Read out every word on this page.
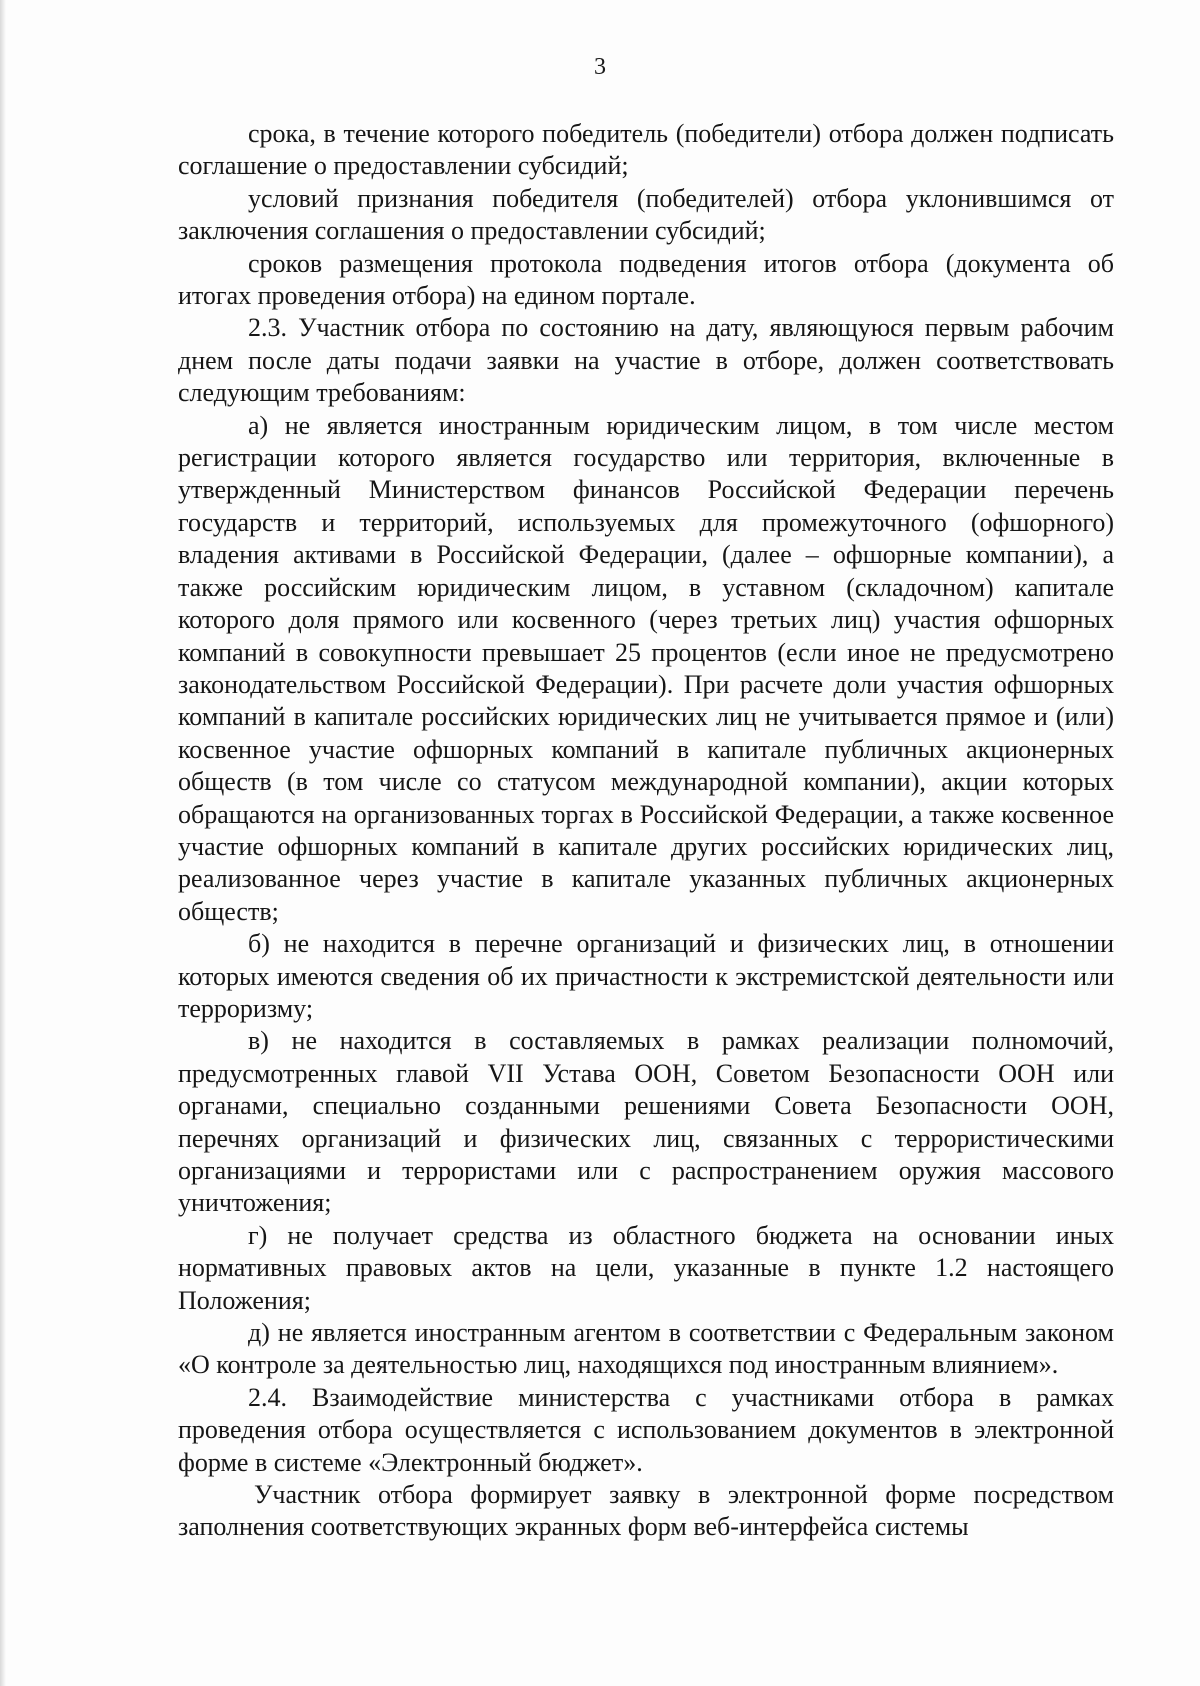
3

срока, в течение которого победитель (победители) отбора должен подписать соглашение о предоставлении субсидий;

условий признания победителя (победителей) отбора уклонившимся от заключения соглашения о предоставлении субсидий;

сроков размещения протокола подведения итогов отбора (документа об итогах проведения отбора) на едином портале.

2.3. Участник отбора по состоянию на дату, являющуюся первым рабочим днем после даты подачи заявки на участие в отборе, должен соответствовать следующим требованиям:

а) не является иностранным юридическим лицом, в том числе местом регистрации которого является государство или территория, включенные в утвержденный Министерством финансов Российской Федерации перечень государств и территорий, используемых для промежуточного (офшорного) владения активами в Российской Федерации, (далее – офшорные компании), а также российским юридическим лицом, в уставном (складочном) капитале которого доля прямого или косвенного (через третьих лиц) участия офшорных компаний в совокупности превышает 25 процентов (если иное не предусмотрено законодательством Российской Федерации). При расчете доли участия офшорных компаний в капитале российских юридических лиц не учитывается прямое и (или) косвенное участие офшорных компаний в капитале публичных акционерных обществ (в том числе со статусом международной компании), акции которых обращаются на организованных торгах в Российской Федерации, а также косвенное участие офшорных компаний в капитале других российских юридических лиц, реализованное через участие в капитале указанных публичных акционерных обществ;

б) не находится в перечне организаций и физических лиц, в отношении которых имеются сведения об их причастности к экстремистской деятельности или терроризму;

в) не находится в составляемых в рамках реализации полномочий, предусмотренных главой VII Устава ООН, Советом Безопасности ООН или органами, специально созданными решениями Совета Безопасности ООН, перечнях организаций и физических лиц, связанных с террористическими организациями и террористами или с распространением оружия массового уничтожения;

г) не получает средства из областного бюджета на основании иных нормативных правовых актов на цели, указанные в пункте 1.2 настоящего Положения;

д) не является иностранным агентом в соответствии с Федеральным законом «О контроле за деятельностью лиц, находящихся под иностранным влиянием».

2.4. Взаимодействие министерства с участниками отбора в рамках проведения отбора осуществляется с использованием документов в электронной форме в системе «Электронный бюджет».

Участник отбора формирует заявку в электронной форме посредством заполнения соответствующих экранных форм веб-интерфейса системы
